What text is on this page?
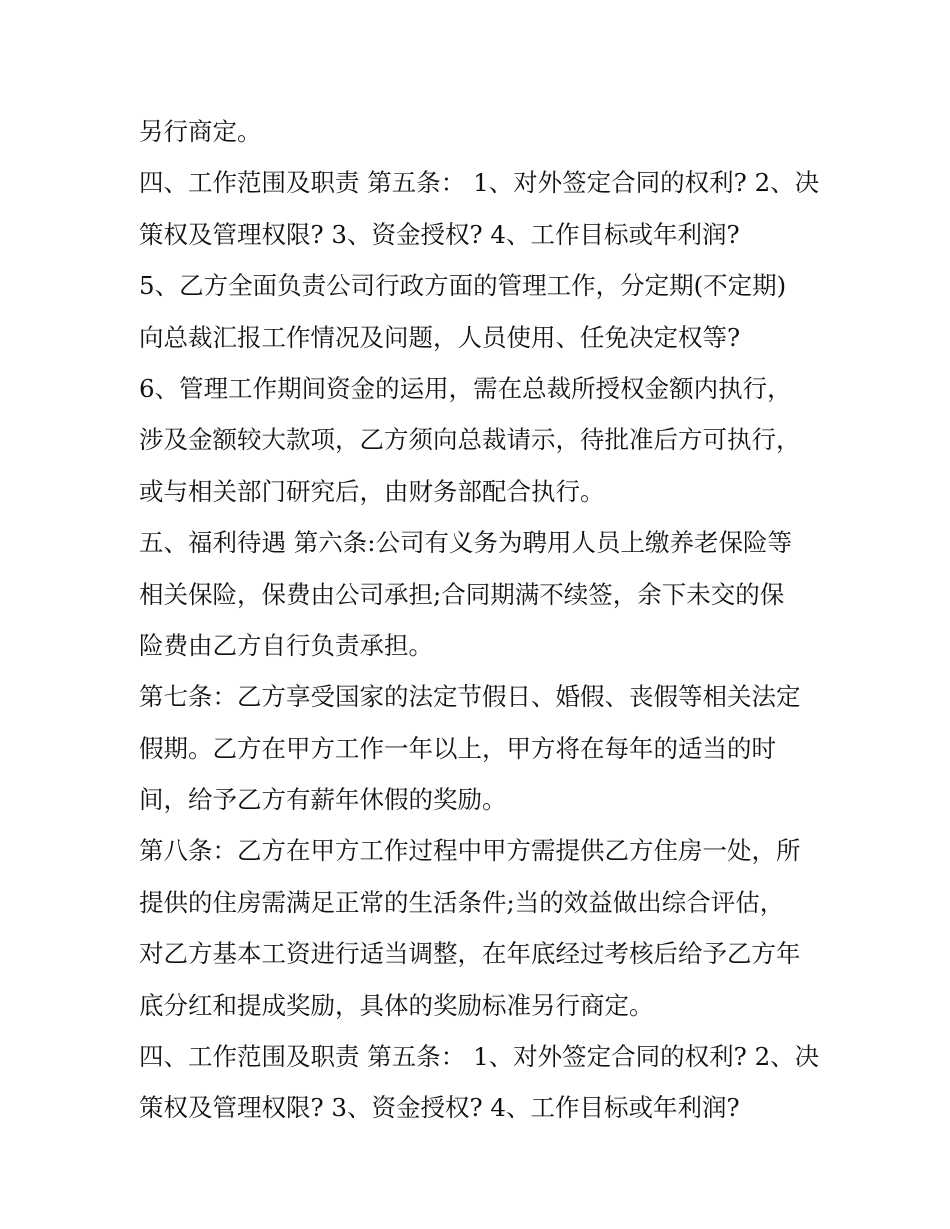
另行商定。
四、工作范围及职责 第五条： 1、对外签定合同的权利? 2、决
策权及管理权限? 3、资金授权? 4、工作目标或年利润?
5、乙方全面负责公司行政方面的管理工作，分定期(不定期)
向总裁汇报工作情况及问题，人员使用、任免决定权等?
6、管理工作期间资金的运用，需在总裁所授权金额内执行，
涉及金额较大款项，乙方须向总裁请示，待批准后方可执行，
或与相关部门研究后，由财务部配合执行。
五、福利待遇 第六条:公司有义务为聘用人员上缴养老保险等
相关保险，保费由公司承担;合同期满不续签，余下未交的保
险费由乙方自行负责承担。
第七条：乙方享受国家的法定节假日、婚假、丧假等相关法定
假期。乙方在甲方工作一年以上，甲方将在每年的适当的时
间，给予乙方有薪年休假的奖励。
第八条：乙方在甲方工作过程中甲方需提供乙方住房一处，所
提供的住房需满足正常的生活条件;当的效益做出综合评估，
对乙方基本工资进行适当调整，在年底经过考核后给予乙方年
底分红和提成奖励，具体的奖励标准另行商定。
四、工作范围及职责 第五条： 1、对外签定合同的权利? 2、决
策权及管理权限? 3、资金授权? 4、工作目标或年利润?
